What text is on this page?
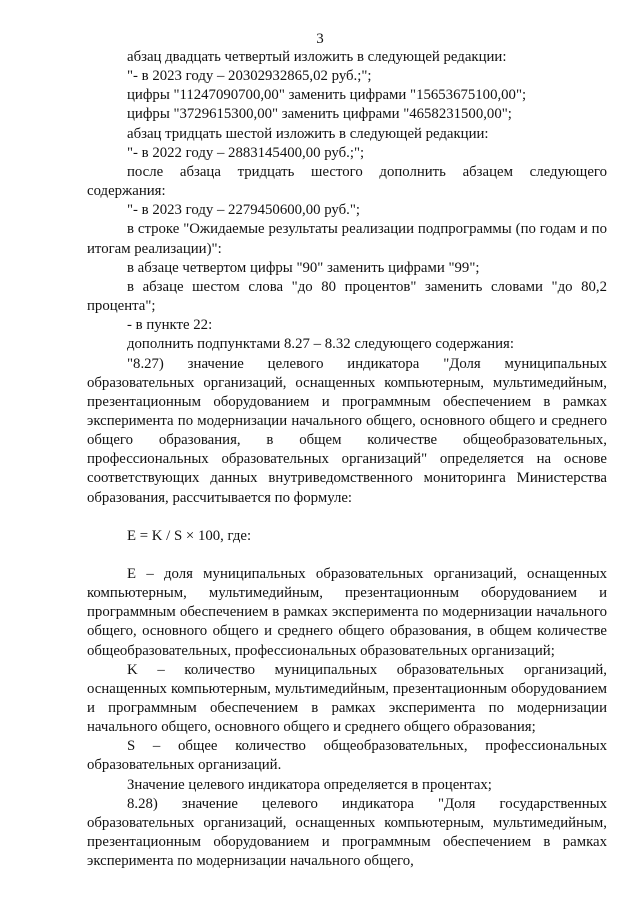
3

абзац двадцать четвертый изложить в следующей редакции:

"- в 2023 году – 20302932865,02 руб.;";

цифры "11247090700,00" заменить цифрами "15653675100,00";

цифры "3729615300,00" заменить цифрами "4658231500,00";

абзац тридцать шестой изложить в следующей редакции:

"- в 2022 году – 2883145400,00 руб.;";

после абзаца тридцать шестого дополнить абзацем следующего содержания:

"- в 2023 году – 2279450600,00 руб.";

в строке "Ожидаемые результаты реализации подпрограммы (по годам и по итогам реализации)":

в абзаце четвертом цифры "90" заменить цифрами "99";

в абзаце шестом слова "до 80 процентов" заменить словами "до 80,2 процента";

- в пункте 22:

дополнить подпунктами 8.27 – 8.32 следующего содержания:

"8.27) значение целевого индикатора "Доля муниципальных образовательных организаций, оснащенных компьютерным, мультимедийным, презентационным оборудованием и программным обеспечением в рамках эксперимента по модернизации начального общего, основного общего и среднего общего образования, в общем количестве общеобразовательных, профессиональных образовательных организаций" определяется на основе соответствующих данных внутриведомственного мониторинга Министерства образования, рассчитывается по формуле:

E = K / S × 100, где:

E – доля муниципальных образовательных организаций, оснащенных компьютерным, мультимедийным, презентационным оборудованием и программным обеспечением в рамках эксперимента по модернизации начального общего, основного общего и среднего общего образования, в общем количестве общеобразовательных, профессиональных образовательных организаций;

K – количество муниципальных образовательных организаций, оснащенных компьютерным, мультимедийным, презентационным оборудованием и программным обеспечением в рамках эксперимента по модернизации начального общего, основного общего и среднего общего образования;

S – общее количество общеобразовательных, профессиональных образовательных организаций.

Значение целевого индикатора определяется в процентах;

8.28) значение целевого индикатора "Доля государственных образовательных организаций, оснащенных компьютерным, мультимедийным, презентационным оборудованием и программным обеспечением в рамках эксперимента по модернизации начального общего,
